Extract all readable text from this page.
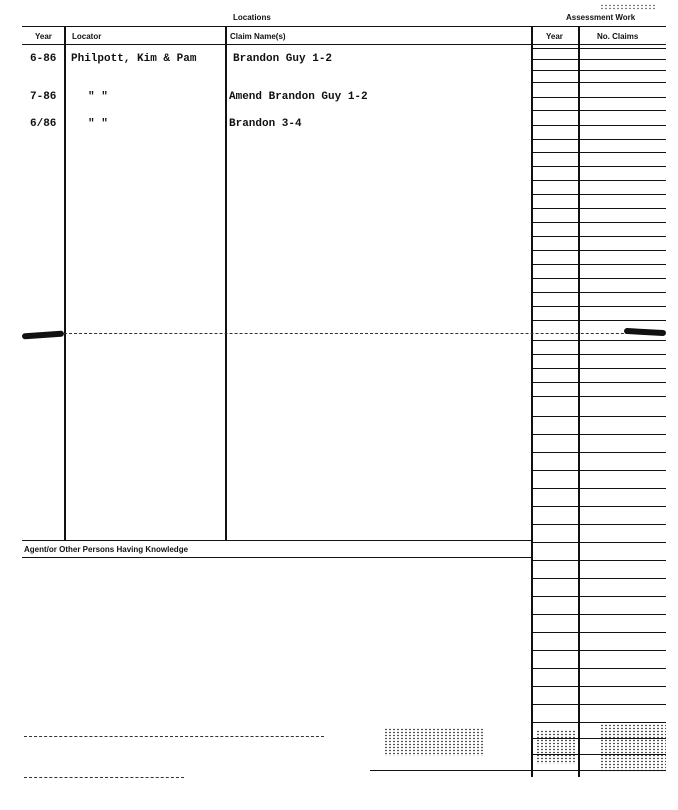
Locations	Assessment Work
Year	Locator	Claim Name(s)	Year	No. Claims
6-86 Philpott, Kim & Pam	Brandon Guy 1-2
7-86	" "	Amend Brandon Guy 1-2
6/86	" "	Brandon 3-4
Agent/or Other Persons Having Knowledge
